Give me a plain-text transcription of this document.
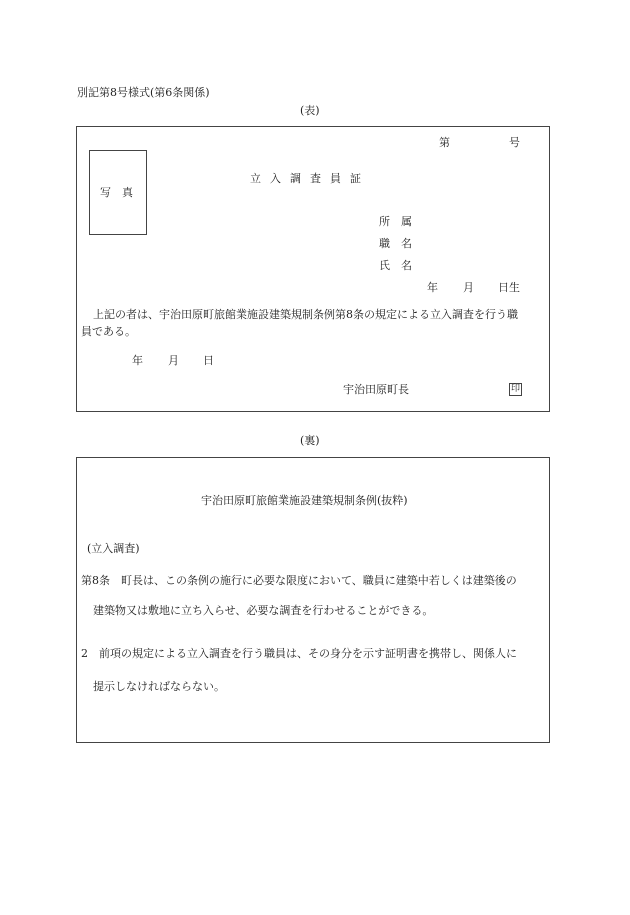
別記第8号様式(第6条関係)
(表)
第	号
写　真
立入調査員証
所　属
職　名
氏　名
年 月 日生
上記の者は、宇治田原町旅館業施設建築規制条例第8条の規定による立入調査を行う職
員である。
年 月 日
宇治田原町長	印
(裏)
宇治田原町旅館業施設建築規制条例(抜粋)
(立入調査)
第8条　町長は、この条例の施行に必要な限度において、職員に建築中若しくは建築後の
建築物又は敷地に立ち入らせ、必要な調査を行わせることができる。
2　前項の規定による立入調査を行う職員は、その身分を示す証明書を携帯し、関係人に
提示しなければならない。
